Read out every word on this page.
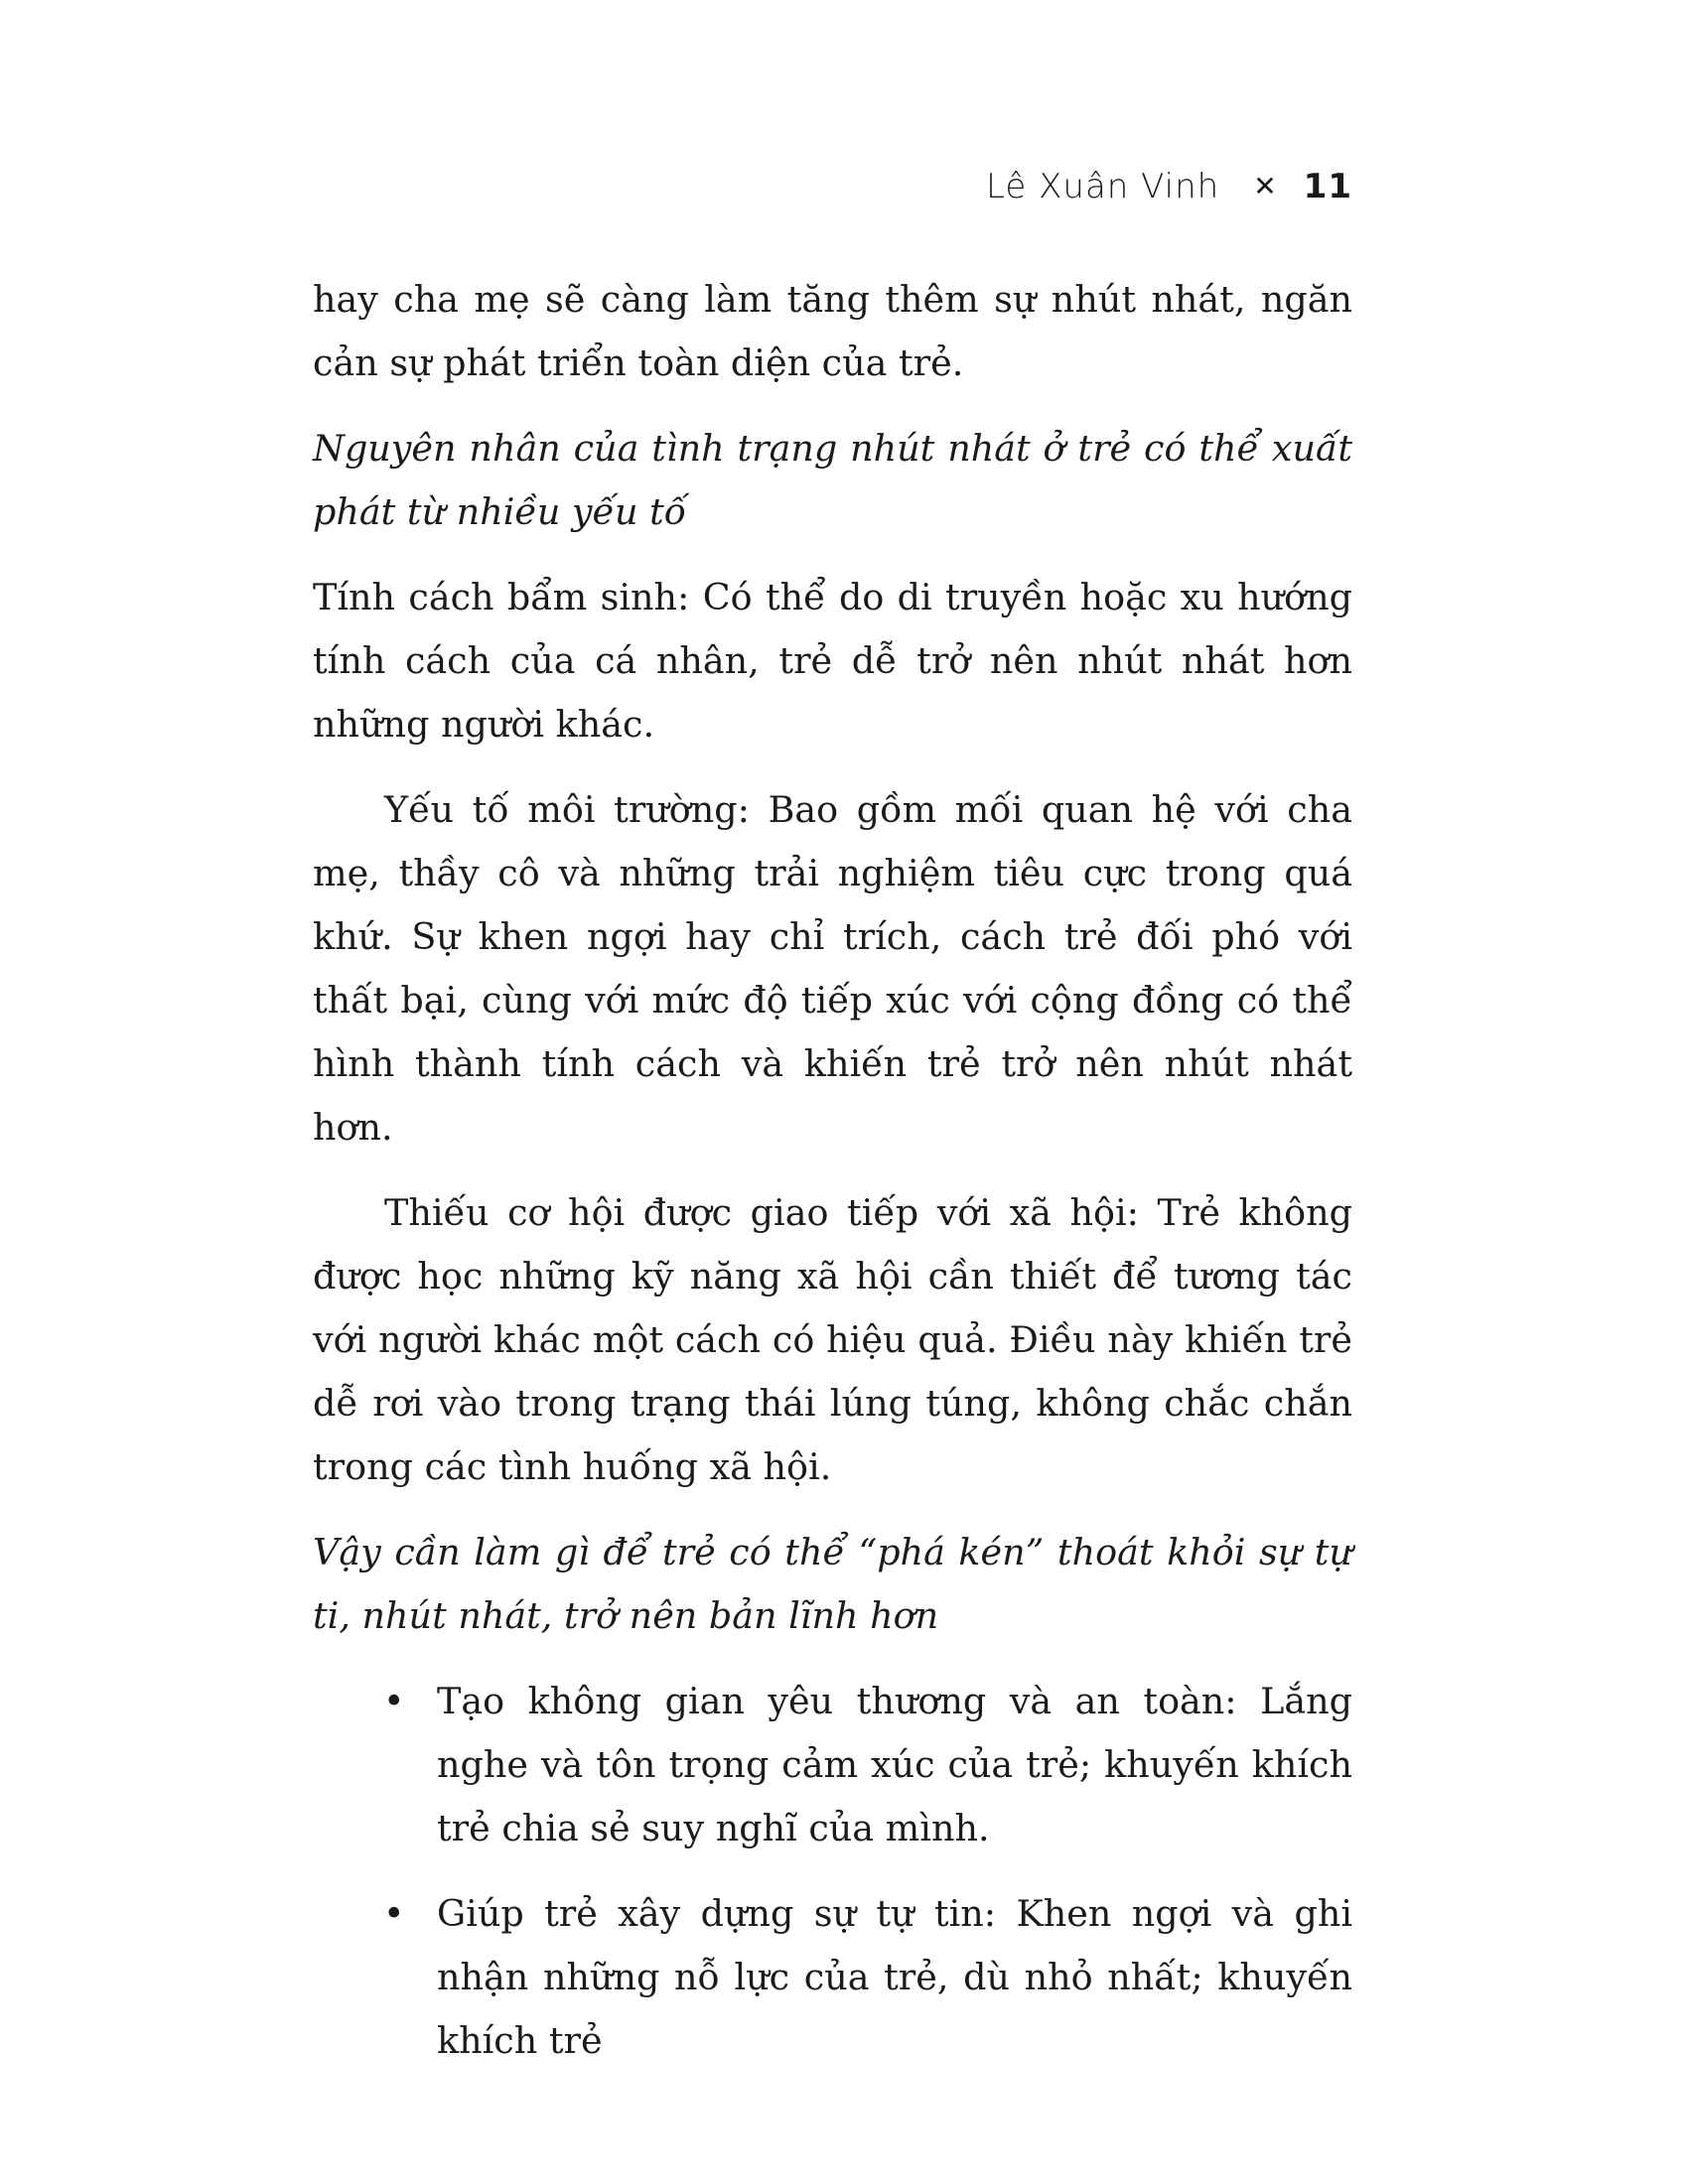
Lê Xuân Vinh ✕ 11

hay cha mẹ sẽ càng làm tăng thêm sự nhút nhát, ngăn cản sự phát triển toàn diện của trẻ.

Nguyên nhân của tình trạng nhút nhát ở trẻ có thể xuất phát từ nhiều yếu tố

Tính cách bẩm sinh: Có thể do di truyền hoặc xu hướng tính cách của cá nhân, trẻ dễ trở nên nhút nhát hơn những người khác.

Yếu tố môi trường: Bao gồm mối quan hệ với cha mẹ, thầy cô và những trải nghiệm tiêu cực trong quá khứ. Sự khen ngợi hay chỉ trích, cách trẻ đối phó với thất bại, cùng với mức độ tiếp xúc với cộng đồng có thể hình thành tính cách và khiến trẻ trở nên nhút nhát hơn.

Thiếu cơ hội được giao tiếp với xã hội: Trẻ không được học những kỹ năng xã hội cần thiết để tương tác với người khác một cách có hiệu quả. Điều này khiến trẻ dễ rơi vào trong trạng thái lúng túng, không chắc chắn trong các tình huống xã hội.

Vậy cần làm gì để trẻ có thể “phá kén” thoát khỏi sự tự ti, nhút nhát, trở nên bản lĩnh hơn

• Tạo không gian yêu thương và an toàn: Lắng nghe và tôn trọng cảm xúc của trẻ; khuyến khích trẻ chia sẻ suy nghĩ của mình.
• Giúp trẻ xây dựng sự tự tin: Khen ngợi và ghi nhận những nỗ lực của trẻ, dù nhỏ nhất; khuyến khích trẻ
